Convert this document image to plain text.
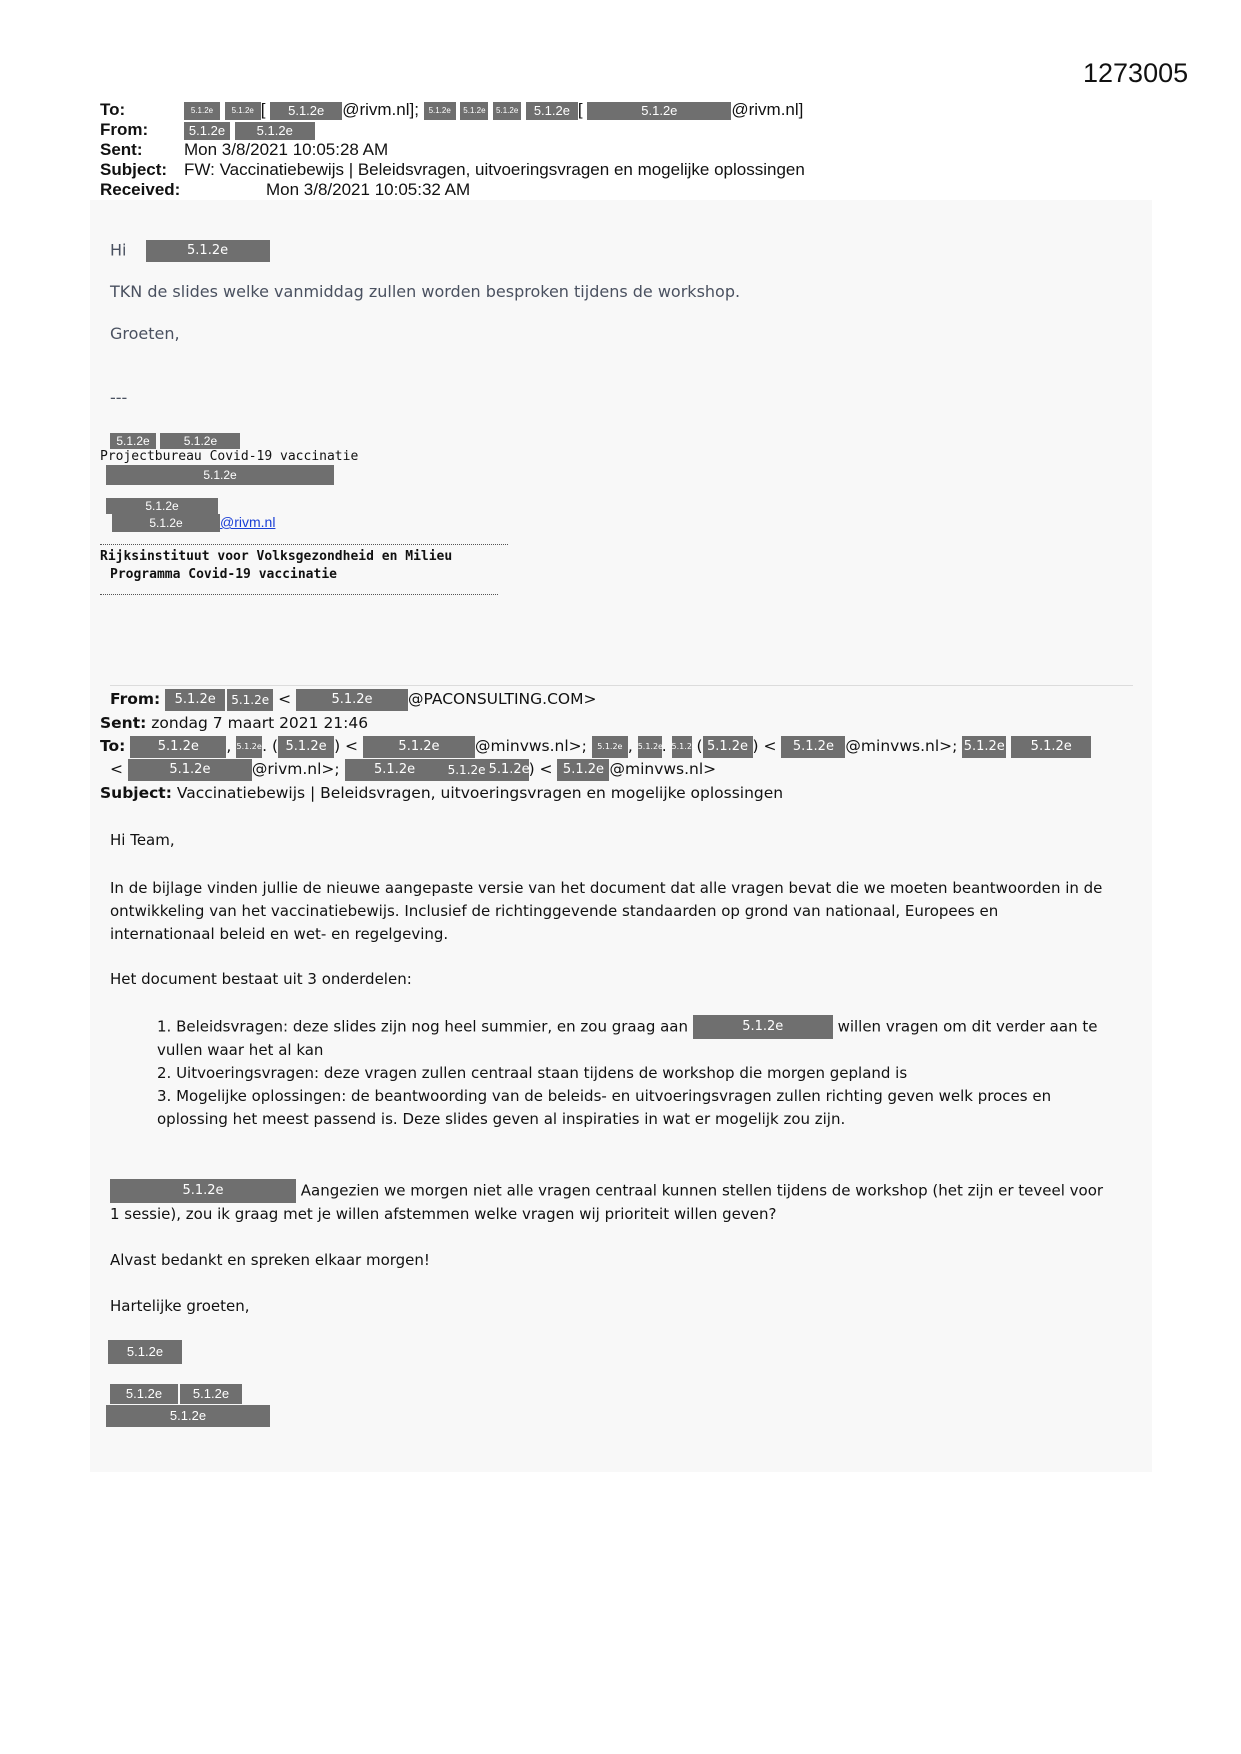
1273005
To:	5.1.2e 5.1.2e [ 5.1.2e @rivm.nl]; 5.1.2e 5.1.2e 5.1.2e 5.1.2e [	5.1.2e	@rivm.nl]
From:	5.1.2e 5.1.2e
Sent: Mon 3/8/2021 10:05:28 AM
Subject: FW: Vaccinatiebewijs | Beleidsvragen, uitvoeringsvragen en mogelijke oplossingen
Received:	Mon 3/8/2021 10:05:32 AM
Hi	5.1.2e
TKN de slides welke vanmiddag zullen worden besproken tijdens de workshop.
Groeten,
---
5.1.2e	5.1.2e
Projectbureau Covid-19 vaccinatie
5.1.2e
5.1.2e
5.1.2e	@rivm.nl
Rijksinstituut voor Volksgezondheid en Milieu
Programma Covid-19 vaccinatie
From: 5.1.2e 5.1.2e <	5.1.2e @PACONSULTING.COM>
Sent: zondag 7 maart 2021 21:46
To: 5.1.2e , 5.1.2e. ( 5.1.2e ) <	5.1.2e @minvws.nl>; 5.1.2e , 5.1.2e. 5.1.2e ( 5.1.2e ) < 5.1.2e @minvws.nl>; 5.1.2e 5.1.2e
<	5.1.2e	@rivm.nl>;	5.1.2e	5.1.2e 5.1.2e) < 5.1.2e @minvws.nl>
Subject: Vaccinatiebewijs | Beleidsvragen, uitvoeringsvragen en mogelijke oplossingen
Hi Team,
In de bijlage vinden jullie de nieuwe aangepaste versie van het document dat alle vragen bevat die we moeten beantwoorden in de
ontwikkeling van het vaccinatiebewijs. Inclusief de richtinggevende standaarden op grond van nationaal, Europees en
internationaal beleid en wet- en regelgeving.
Het document bestaat uit 3 onderdelen:
1. Beleidsvragen: deze slides zijn nog heel summier, en zou graag aan	5.1.2e	willen vragen om dit verder aan te
vullen waar het al kan
2. Uitvoeringsvragen: deze vragen zullen centraal staan tijdens de workshop die morgen gepland is
3. Mogelijke oplossingen: de beantwoording van de beleids- en uitvoeringsvragen zullen richting geven welk proces en
oplossing het meest passend is. Deze slides geven al inspiraties in wat er mogelijk zou zijn.
5.1.2e	Aangezien we morgen niet alle vragen centraal kunnen stellen tijdens de workshop (het zijn er teveel voor
1 sessie), zou ik graag met je willen afstemmen welke vragen wij prioriteit willen geven?
Alvast bedankt en spreken elkaar morgen!
Hartelijke groeten,
5.1.2e
5.1.2e 5.1.2e
5.1.2e
